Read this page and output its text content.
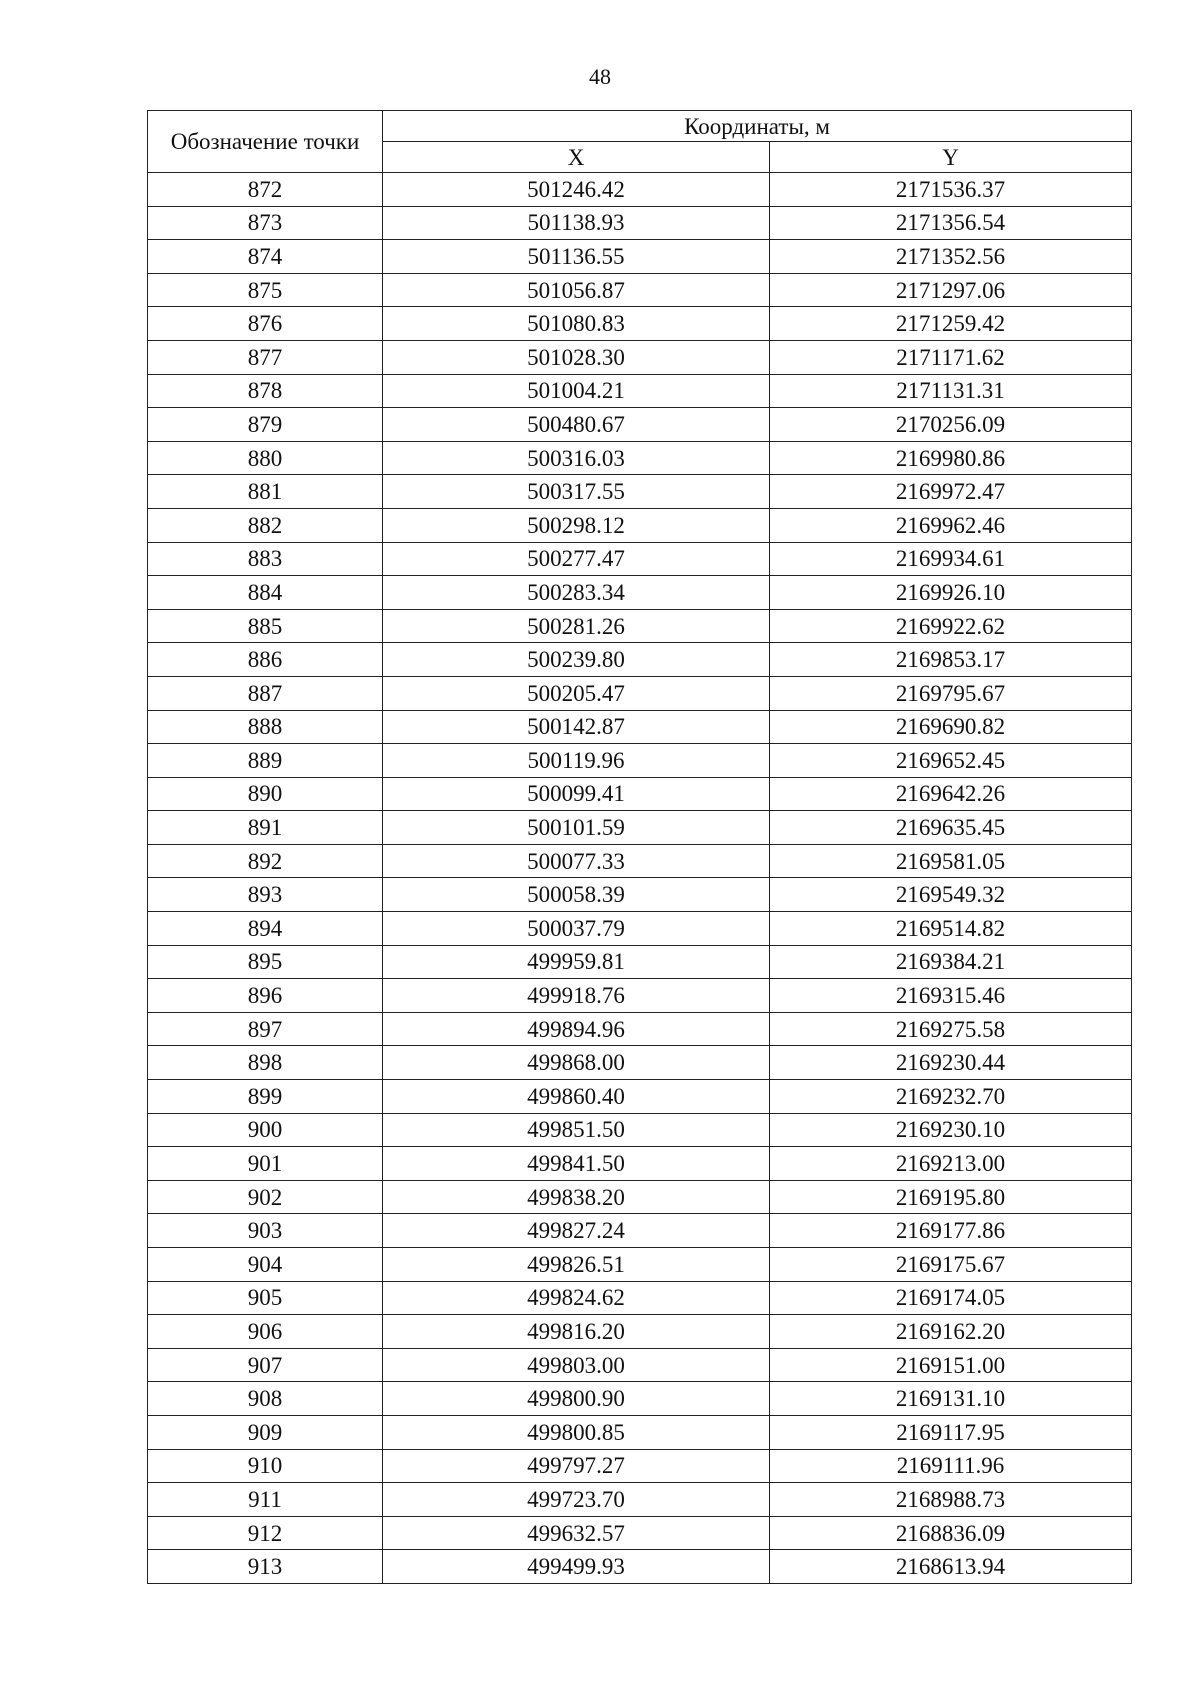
48
Обозначение точки	Координаты, м	
	X	Y
872	501246.42	2171536.37
873	501138.93	2171356.54
874	501136.55	2171352.56
875	501056.87	2171297.06
876	501080.83	2171259.42
877	501028.30	2171171.62
878	501004.21	2171131.31
879	500480.67	2170256.09
880	500316.03	2169980.86
881	500317.55	2169972.47
882	500298.12	2169962.46
883	500277.47	2169934.61
884	500283.34	2169926.10
885	500281.26	2169922.62
886	500239.80	2169853.17
887	500205.47	2169795.67
888	500142.87	2169690.82
889	500119.96	2169652.45
890	500099.41	2169642.26
891	500101.59	2169635.45
892	500077.33	2169581.05
893	500058.39	2169549.32
894	500037.79	2169514.82
895	499959.81	2169384.21
896	499918.76	2169315.46
897	499894.96	2169275.58
898	499868.00	2169230.44
899	499860.40	2169232.70
900	499851.50	2169230.10
901	499841.50	2169213.00
902	499838.20	2169195.80
903	499827.24	2169177.86
904	499826.51	2169175.67
905	499824.62	2169174.05
906	499816.20	2169162.20
907	499803.00	2169151.00
908	499800.90	2169131.10
909	499800.85	2169117.95
910	499797.27	2169111.96
911	499723.70	2168988.73
912	499632.57	2168836.09
913	499499.93	2168613.94
